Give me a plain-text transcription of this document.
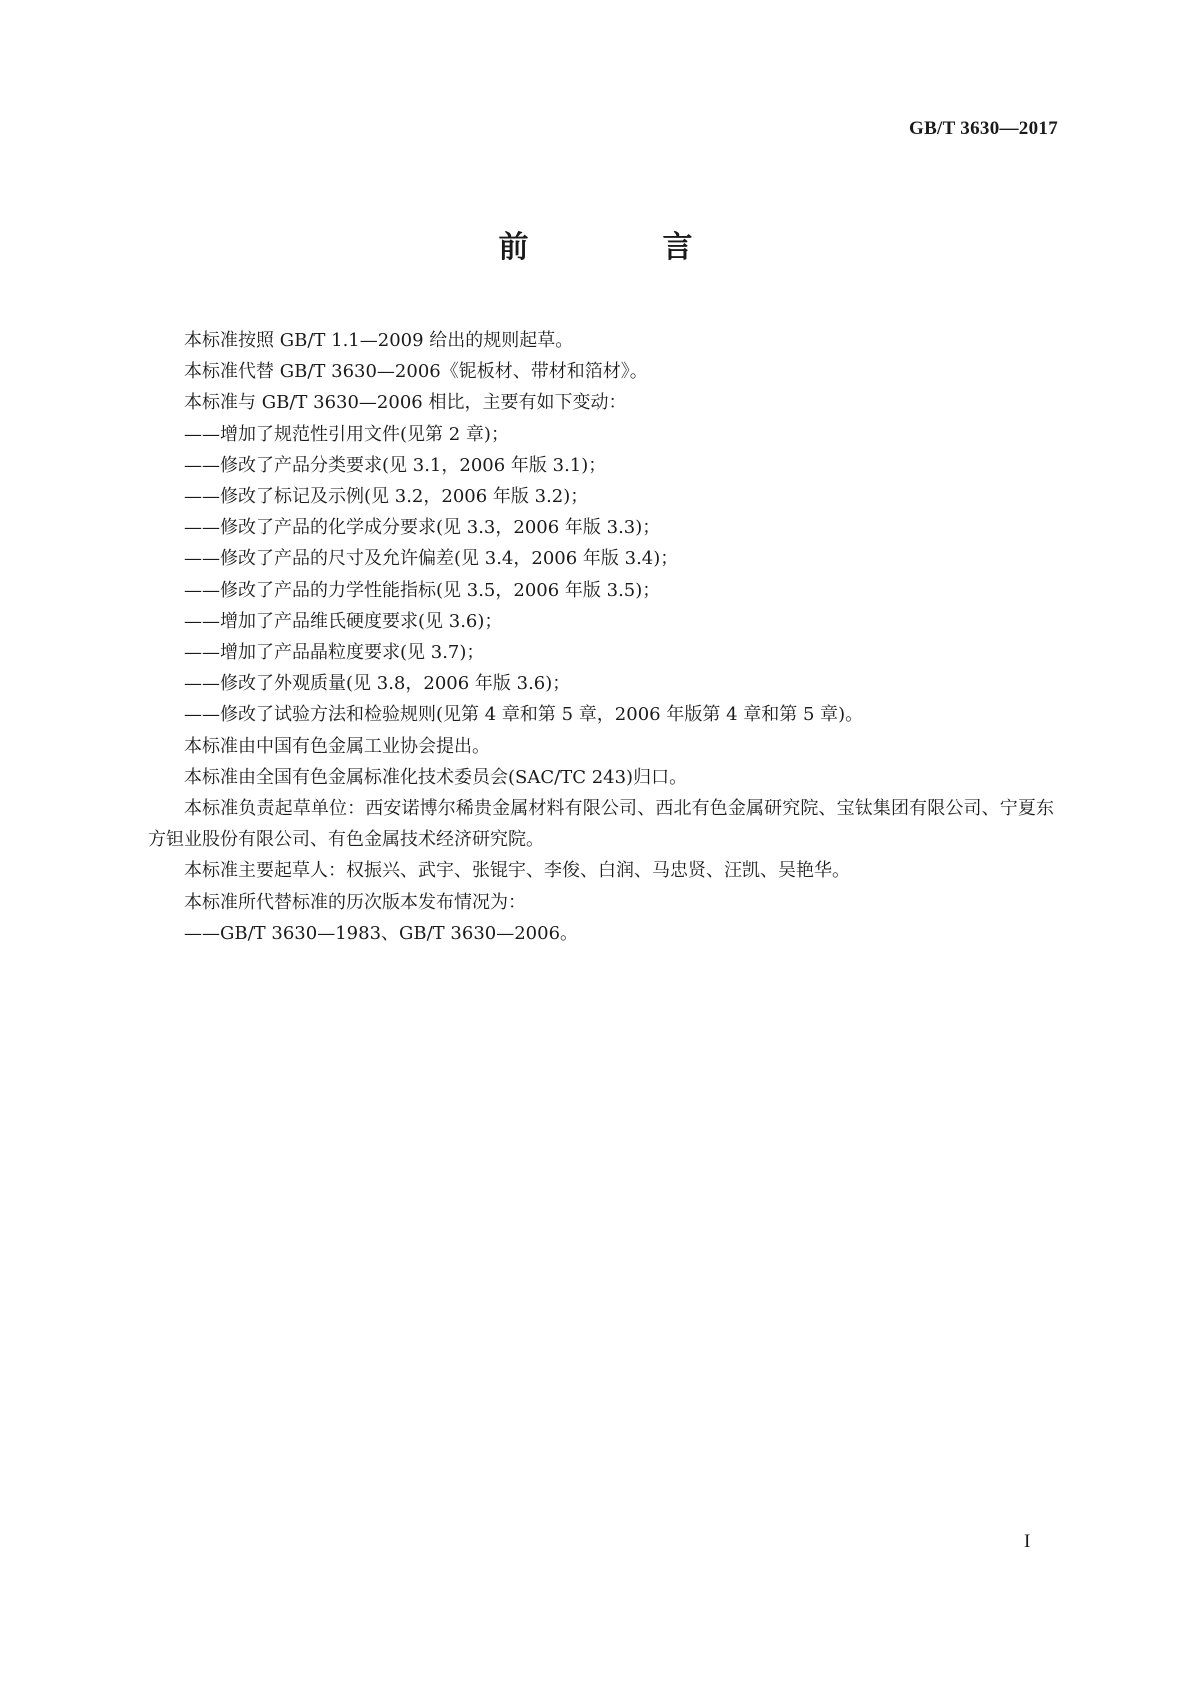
GB/T 3630—2017
前　言

本标准按照 GB/T 1.1—2009 给出的规则起草。

本标准代替 GB/T 3630—2006《铌板材、带材和箔材》。

本标准与 GB/T 3630—2006 相比，主要有如下变动：

——增加了规范性引用文件(见第 2 章)；

——修改了产品分类要求(见 3.1，2006 年版 3.1)；

——修改了标记及示例(见 3.2，2006 年版 3.2)；

——修改了产品的化学成分要求(见 3.3，2006 年版 3.3)；

——修改了产品的尺寸及允许偏差(见 3.4，2006 年版 3.4)；

——修改了产品的力学性能指标(见 3.5，2006 年版 3.5)；

——增加了产品维氏硬度要求(见 3.6)；

——增加了产品晶粒度要求(见 3.7)；

——修改了外观质量(见 3.8，2006 年版 3.6)；

——修改了试验方法和检验规则(见第 4 章和第 5 章，2006 年版第 4 章和第 5 章)。

本标准由中国有色金属工业协会提出。

本标准由全国有色金属标准化技术委员会(SAC/TC 243)归口。

本标准负责起草单位：西安诺博尔稀贵金属材料有限公司、西北有色金属研究院、宝钛集团有限公司、宁夏东方钽业股份有限公司、有色金属技术经济研究院。

本标准主要起草人：权振兴、武宇、张锟宇、李俊、白润、马忠贤、汪凯、吴艳华。

本标准所代替标准的历次版本发布情况为：

——GB/T 3630—1983、GB/T 3630—2006。

I
